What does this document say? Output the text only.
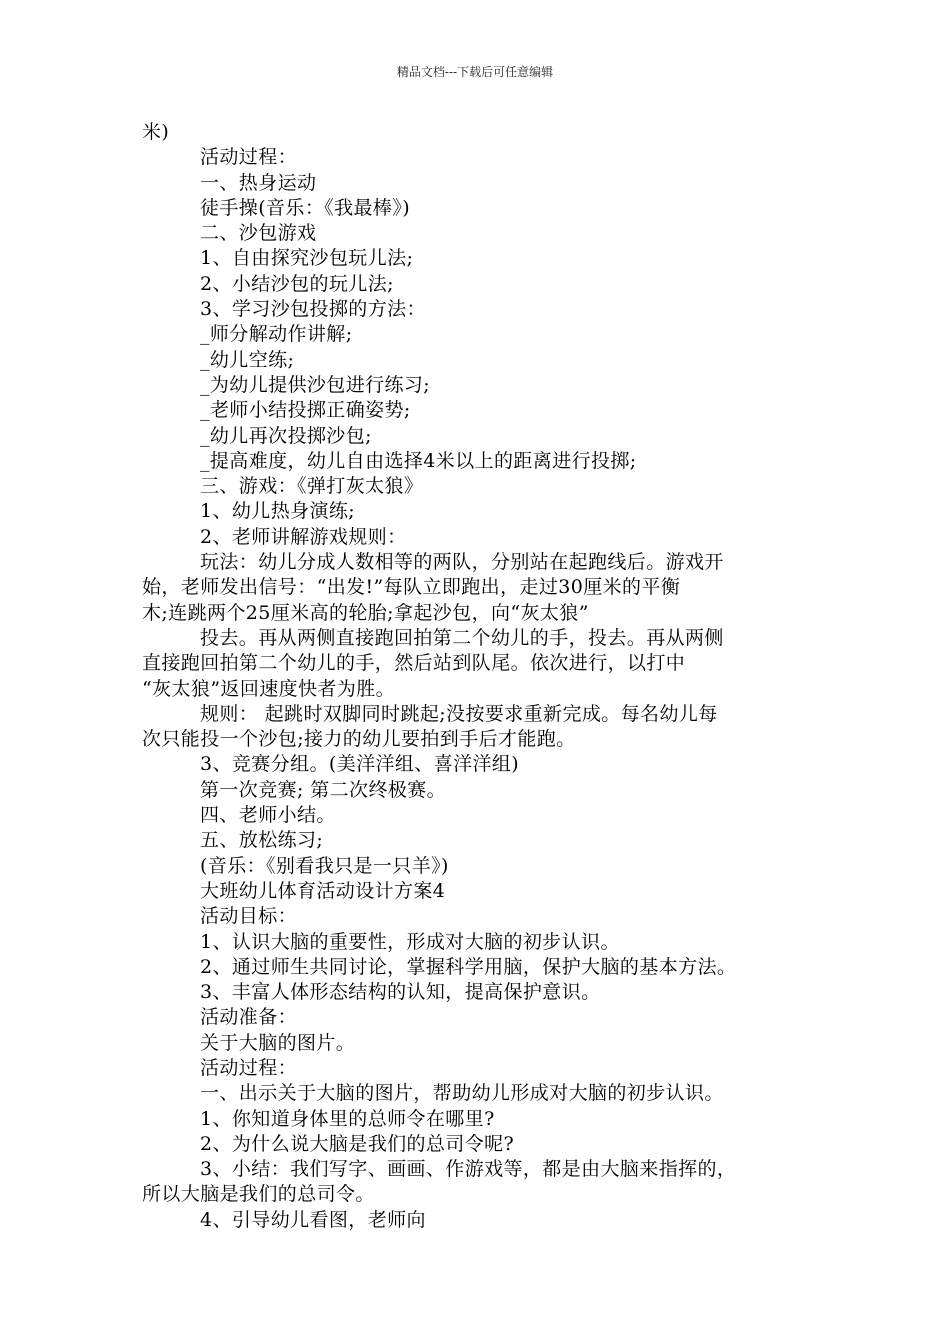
精品文档---下载后可任意编辑

米)

活动过程：

一、热身运动

徒手操(音乐：《我最棒》)

二、沙包游戏

1、自由探究沙包玩儿法;

2、小结沙包的玩儿法;

3、学习沙包投掷的方法：

_师分解动作讲解;

_幼儿空练;

_为幼儿提供沙包进行练习;

_老师小结投掷正确姿势;

_幼儿再次投掷沙包;

_提高难度，幼儿自由选择4米以上的距离进行投掷;

三、游戏：《弹打灰太狼》

1、幼儿热身演练;

2、老师讲解游戏规则：

玩法：幼儿分成人数相等的两队，分别站在起跑线后。游戏开

始，老师发出信号：“出发!”每队立即跑出，走过30厘米的平衡

木;连跳两个25厘米高的轮胎;拿起沙包，向“灰太狼”

投去。再从两侧直接跑回拍第二个幼儿的手，投去。再从两侧

直接跑回拍第二个幼儿的手，然后站到队尾。依次进行，以打中

“灰太狼”返回速度快者为胜。

规则： 起跳时双脚同时跳起;没按要求重新完成。每名幼儿每

次只能投一个沙包;接力的幼儿要拍到手后才能跑。

3、竞赛分组。(美洋洋组、喜洋洋组)

第一次竞赛; 第二次终极赛。

四、老师小结。

五、放松练习;

(音乐：《别看我只是一只羊》)

大班幼儿体育活动设计方案4

活动目标：

1、认识大脑的重要性，形成对大脑的初步认识。

2、通过师生共同讨论，掌握科学用脑，保护大脑的基本方法。

3、丰富人体形态结构的认知，提高保护意识。

活动准备：

关于大脑的图片。

活动过程：

一、出示关于大脑的图片，帮助幼儿形成对大脑的初步认识。

1、你知道身体里的总师令在哪里?

2、为什么说大脑是我们的总司令呢?

3、小结：我们写字、画画、作游戏等，都是由大脑来指挥的，

所以大脑是我们的总司令。

4、引导幼儿看图，老师向
